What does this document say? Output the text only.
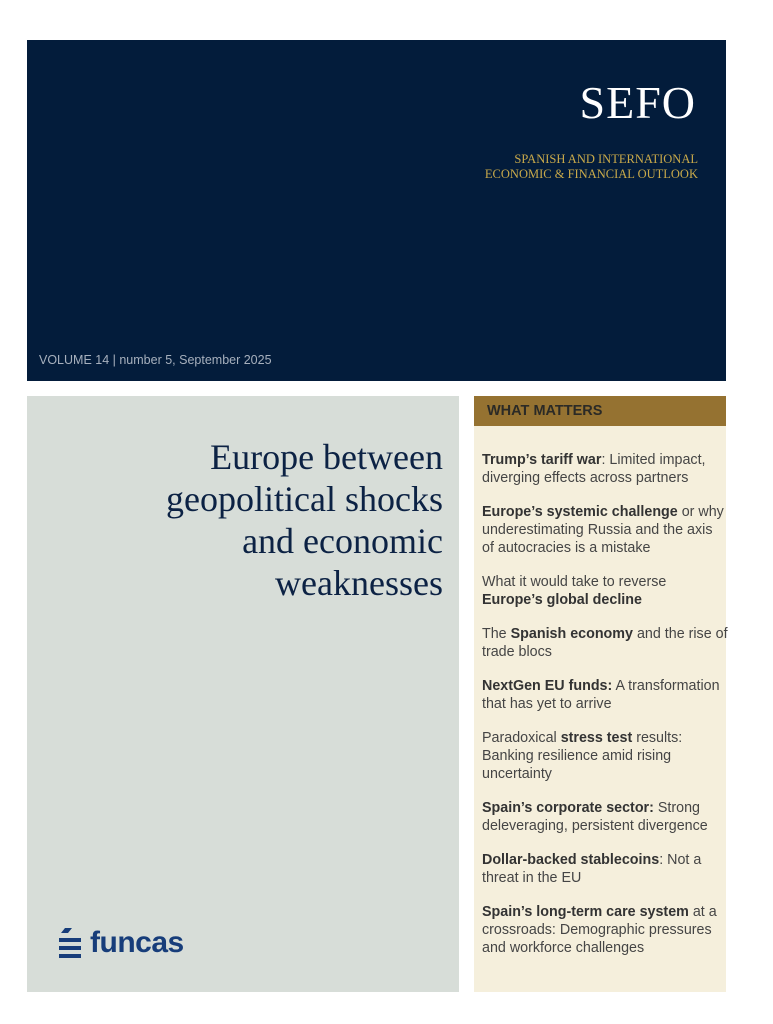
SEFO
SPANISH AND INTERNATIONAL
ECONOMIC & FINANCIAL OUTLOOK
VOLUME 14 | number 5, September 2025
Europe between
geopolitical shocks
and economic
weaknesses
funcas
WHAT MATTERS
Trump’s tariff war: Limited impact, diverging effects across partners
Europe’s systemic challenge or why underestimating Russia and the axis of autocracies is a mistake
What it would take to reverse Europe’s global decline
The Spanish economy and the rise of trade blocs
NextGen EU funds: A transformation that has yet to arrive
Paradoxical stress test results: Banking resilience amid rising uncertainty
Spain’s corporate sector: Strong deleveraging, persistent divergence
Dollar-backed stablecoins: Not a threat in the EU
Spain’s long-term care system at a crossroads: Demographic pressures and workforce challenges
